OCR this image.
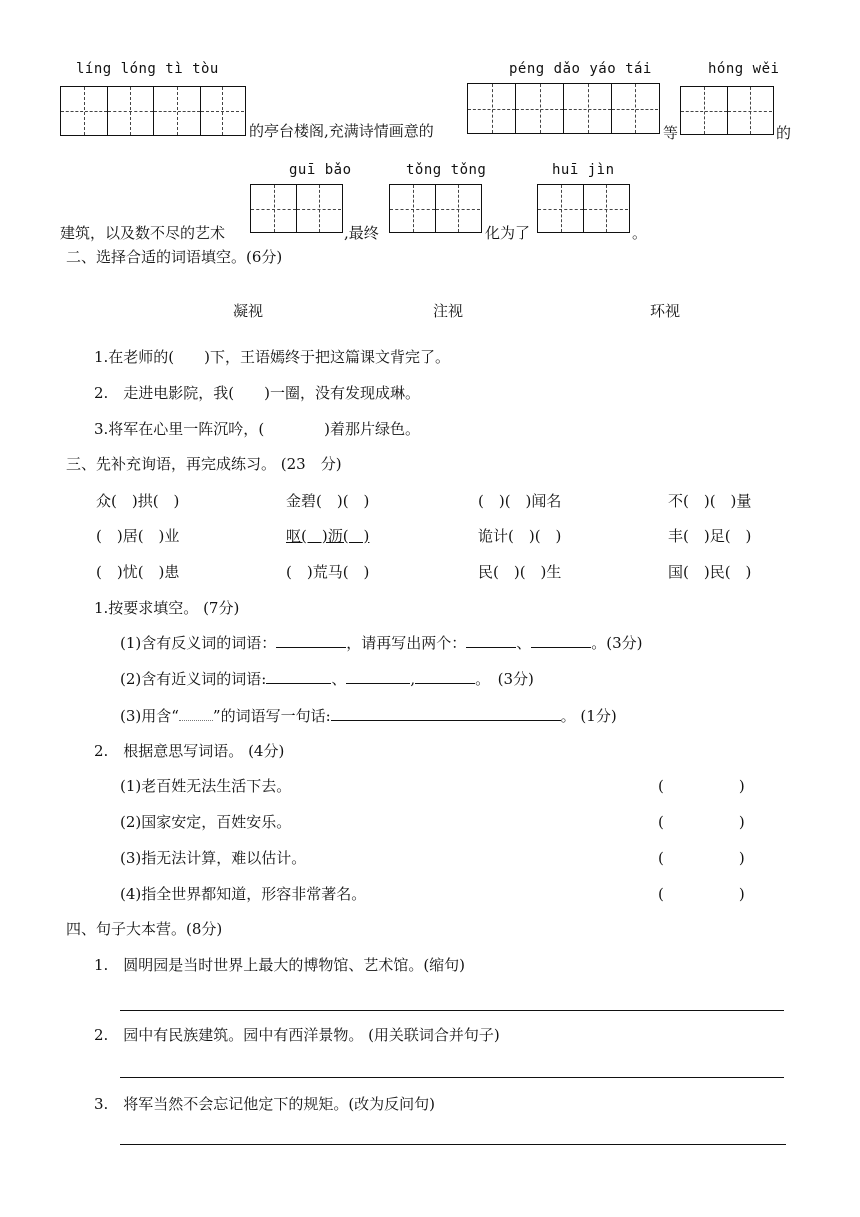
líng lóng tì tòu	péng dǎo yáo tái	hóng wěi
的亭台楼阁,充满诗情画意的	等	的
guī bǎo	tǒng tǒng	huī jìn
建筑，以及数不尽的艺术	,最终	化为了	。
二、选择合适的词语填空。(6分)
凝视	注视	环视
1.在老师的(　　)下，王语嫣终于把这篇课文背完了。
2.　走进电影院，我(　　)一圈，没有发现成琳。
3.将军在心里一阵沉吟，(　　　　)着那片绿色。
三、先补充询语，再完成练习。 (23　分)
众(　)拱(　)	金碧(　)(　)	(　)(　)闻名	不(　)(　)量
(　)居(　)业	呕(　)沥(　)	诡计(　)(　)	丰(　)足(　)
(　)忧(　)患	(　)荒马(　)	民(　)(　)生	国(　)民(　)
1.按要求填空。 (7分)
(1)含有反义词的词语：	，请再写出两个：	、	。(3分)
(2)含有近义词的词语:	、	,	。　(3分)
(3)用含“ ”的词语写一句话:	。 (1分)
2.　根据意思写词语。 (4分)
(1)老百姓无法生活下去。	(　　　　　)
(2)国家安定，百姓安乐。	(　　　　　)
(3)指无法计算，难以估计。	(　　　　　)
(4)指全世界都知道，形容非常著名。	(　　　　　)
四、句子大本营。(8分)
1.　圆明园是当时世界上最大的博物馆、艺术馆。(缩句)
2.　园中有民族建筑。园中有西洋景物。 (用关联词合并句子)
3.　将军当然不会忘记他定下的规矩。(改为反问句)
